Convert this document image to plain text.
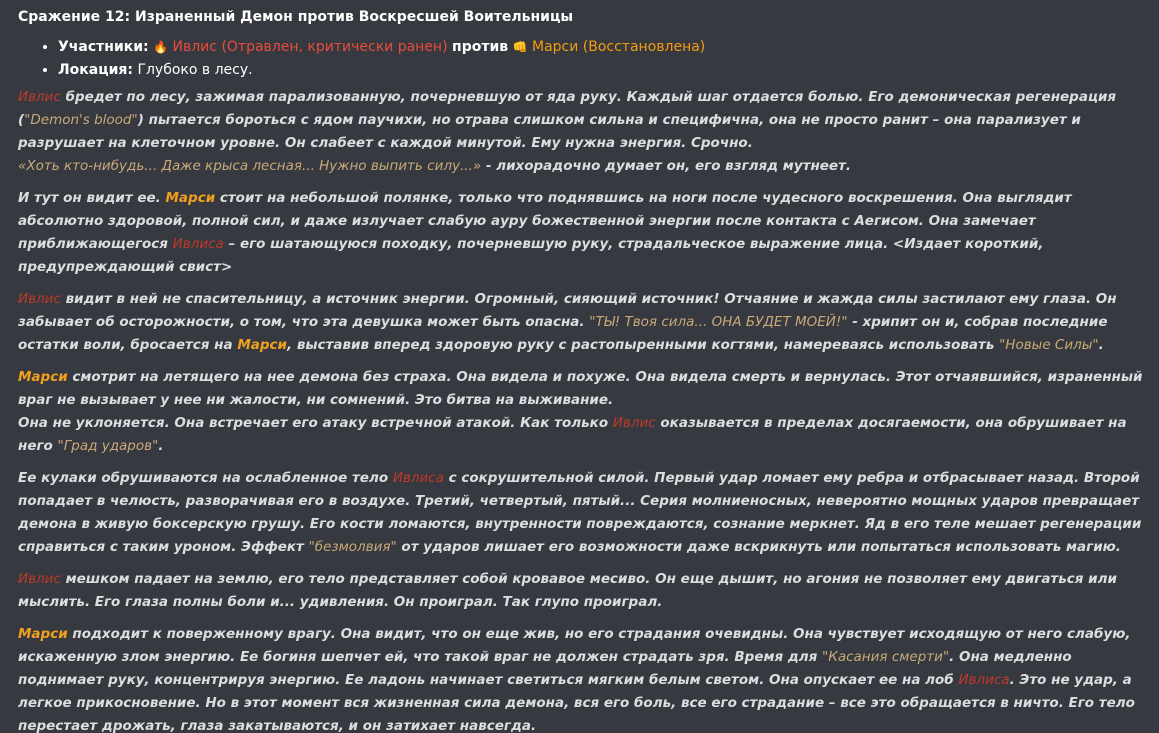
Сражение 12: Израненный Демон против Воскресшей Воительницы
• Участники: 🔥 Ивлис (Отравлен, критически ранен) против 👊 Марси (Восстановлена)
• Локация: Глубоко в лесу.
Ивлис бредет по лесу, зажимая парализованную, почерневшую от яда руку. Каждый шаг отдается болью. Его демоническая регенерация ("Demon's blood") пытается бороться с ядом паучихи, но отрава слишком сильна и специфична, она не просто ранит – она парализует и разрушает на клеточном уровне. Он слабеет с каждой минутой. Ему нужна энергия. Срочно.
«Хоть кто-нибудь... Даже крыса лесная... Нужно выпить силу...» - лихорадочно думает он, его взгляд мутнеет.
И тут он видит ее. Марси стоит на небольшой полянке, только что поднявшись на ноги после чудесного воскрешения. Она выглядит абсолютно здоровой, полной сил, и даже излучает слабую ауру божественной энергии после контакта с Аегисом. Она замечает приближающегося Ивлиса – его шатающуюся походку, почерневшую руку, страдальческое выражение лица. <Издает короткий, предупреждающий свист>
Ивлис видит в ней не спасительницу, а источник энергии. Огромный, сияющий источник! Отчаяние и жажда силы застилают ему глаза. Он забывает об осторожности, о том, что эта девушка может быть опасна. "ТЫ! Твоя сила... ОНА БУДЕТ МОЕЙ!" - хрипит он и, собрав последние остатки воли, бросается на Марси, выставив вперед здоровую руку с растопыренными когтями, намереваясь использовать "Новые Силы".
Марси смотрит на летящего на нее демона без страха. Она видела и похуже. Она видела смерть и вернулась. Этот отчаявшийся, израненный враг не вызывает у нее ни жалости, ни сомнений. Это битва на выживание.
Она не уклоняется. Она встречает его атаку встречной атакой. Как только Ивлис оказывается в пределах досягаемости, она обрушивает на него "Град ударов".
Ее кулаки обрушиваются на ослабленное тело Ивлиса с сокрушительной силой. Первый удар ломает ему ребра и отбрасывает назад. Второй попадает в челюсть, разворачивая его в воздухе. Третий, четвертый, пятый... Серия молниеносных, невероятно мощных ударов превращает демона в живую боксерскую грушу. Его кости ломаются, внутренности повреждаются, сознание меркнет. Яд в его теле мешает регенерации справиться с таким уроном. Эффект "безмолвия" от ударов лишает его возможности даже вскрикнуть или попытаться использовать магию.
Ивлис мешком падает на землю, его тело представляет собой кровавое месиво. Он еще дышит, но агония не позволяет ему двигаться или мыслить. Его глаза полны боли и... удивления. Он проиграл. Так глупо проиграл.
Марси подходит к поверженному врагу. Она видит, что он еще жив, но его страдания очевидны. Она чувствует исходящую от него слабую, искаженную злом энергию. Ее богиня шепчет ей, что такой враг не должен страдать зря. Время для "Касания смерти". Она медленно поднимает руку, концентрируя энергию. Ее ладонь начинает светиться мягким белым светом. Она опускает ее на лоб Ивлиса. Это не удар, а легкое прикосновение. Но в этот момент вся жизненная сила демона, вся его боль, все его страдание – все это обращается в ничто. Его тело перестает дрожать, глаза закатываются, и он затихает навсегда.
